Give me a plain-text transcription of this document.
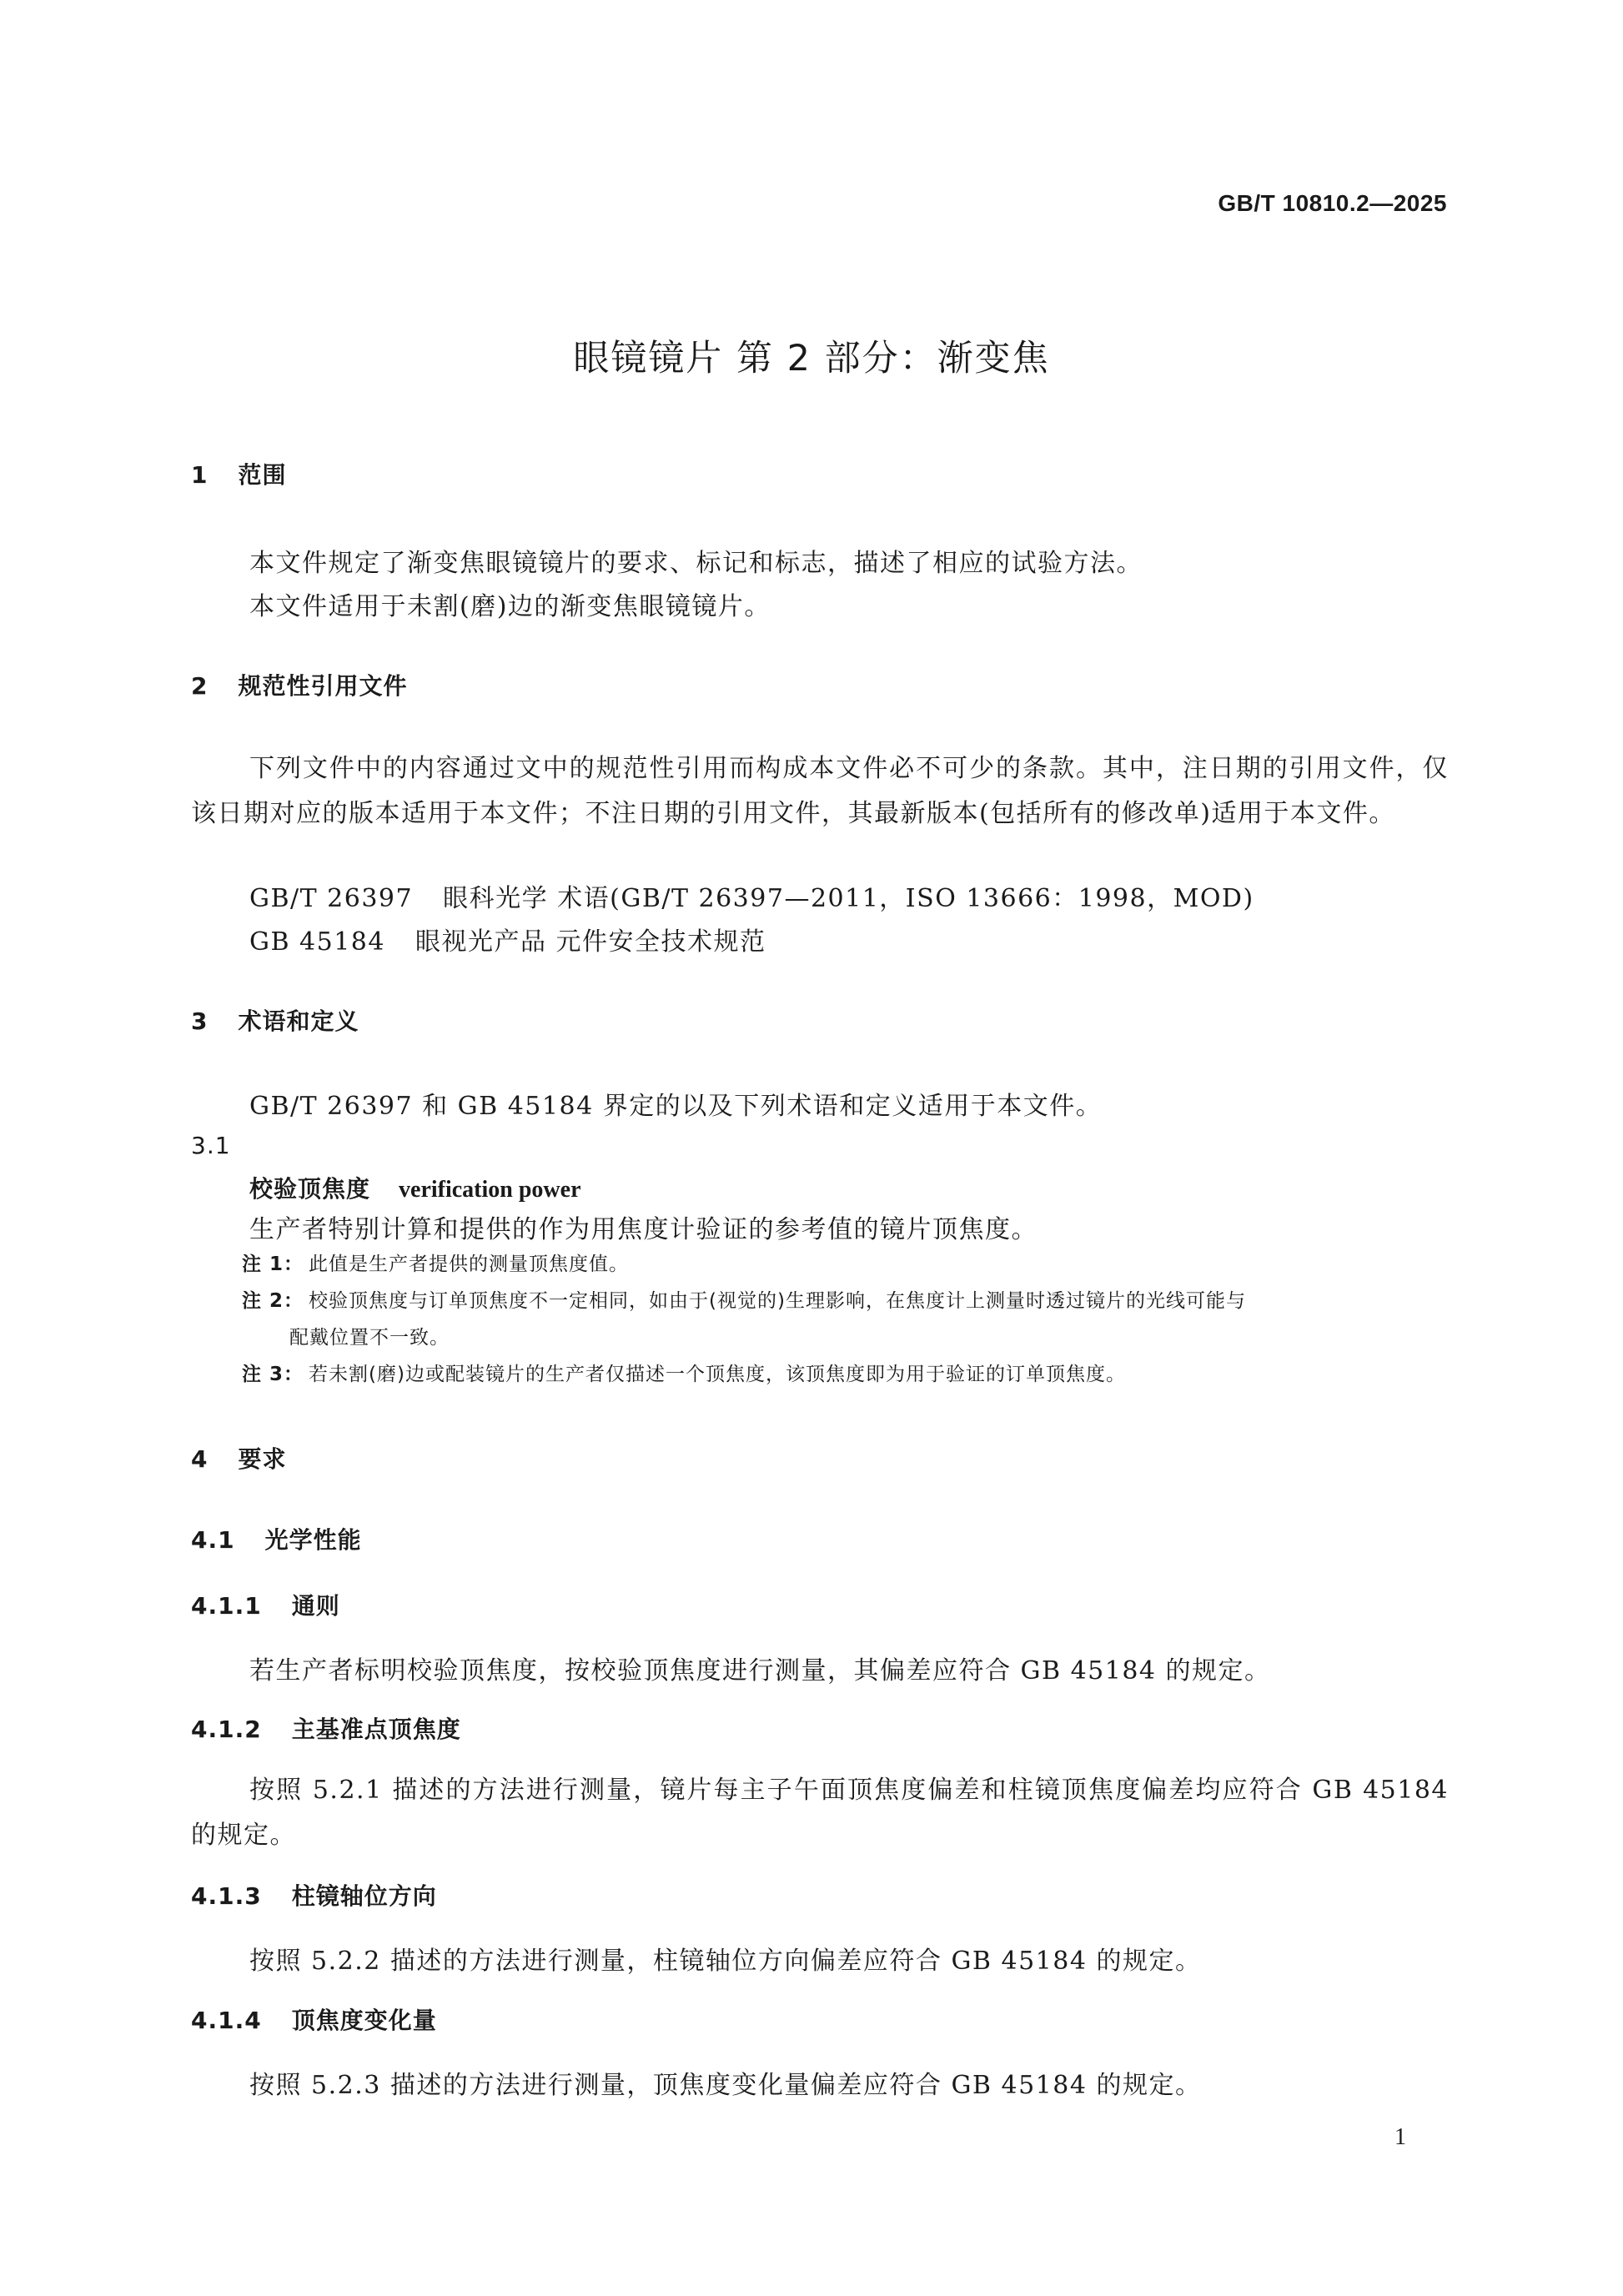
GB/T 10810.2—2025
眼镜镜片 第 2 部分：渐变焦
1 范围
本文件规定了渐变焦眼镜镜片的要求、标记和标志，描述了相应的试验方法。
本文件适用于未割(磨)边的渐变焦眼镜镜片。
2 规范性引用文件
下列文件中的内容通过文中的规范性引用而构成本文件必不可少的条款。其中，注日期的引用文件，仅该日期对应的版本适用于本文件；不注日期的引用文件，其最新版本(包括所有的修改单)适用于本文件。
GB/T 26397 眼科光学 术语(GB/T 26397—2011，ISO 13666：1998，MOD)
GB 45184 眼视光产品 元件安全技术规范
3 术语和定义
GB/T 26397 和 GB 45184 界定的以及下列术语和定义适用于本文件。
3.1
校验顶焦度 verification power
生产者特别计算和提供的作为用焦度计验证的参考值的镜片顶焦度。
注 1： 此值是生产者提供的测量顶焦度值。
注 2： 校验顶焦度与订单顶焦度不一定相同，如由于(视觉的)生理影响，在焦度计上测量时透过镜片的光线可能与
配戴位置不一致。
注 3： 若未割(磨)边或配装镜片的生产者仅描述一个顶焦度，该顶焦度即为用于验证的订单顶焦度。
4 要求
4.1 光学性能
4.1.1 通则
若生产者标明校验顶焦度，按校验顶焦度进行测量，其偏差应符合 GB 45184 的规定。
4.1.2 主基准点顶焦度
按照 5.2.1 描述的方法进行测量，镜片每主子午面顶焦度偏差和柱镜顶焦度偏差均应符合 GB 45184 的规定。
4.1.3 柱镜轴位方向
按照 5.2.2 描述的方法进行测量，柱镜轴位方向偏差应符合 GB 45184 的规定。
4.1.4 顶焦度变化量
按照 5.2.3 描述的方法进行测量，顶焦度变化量偏差应符合 GB 45184 的规定。
1
